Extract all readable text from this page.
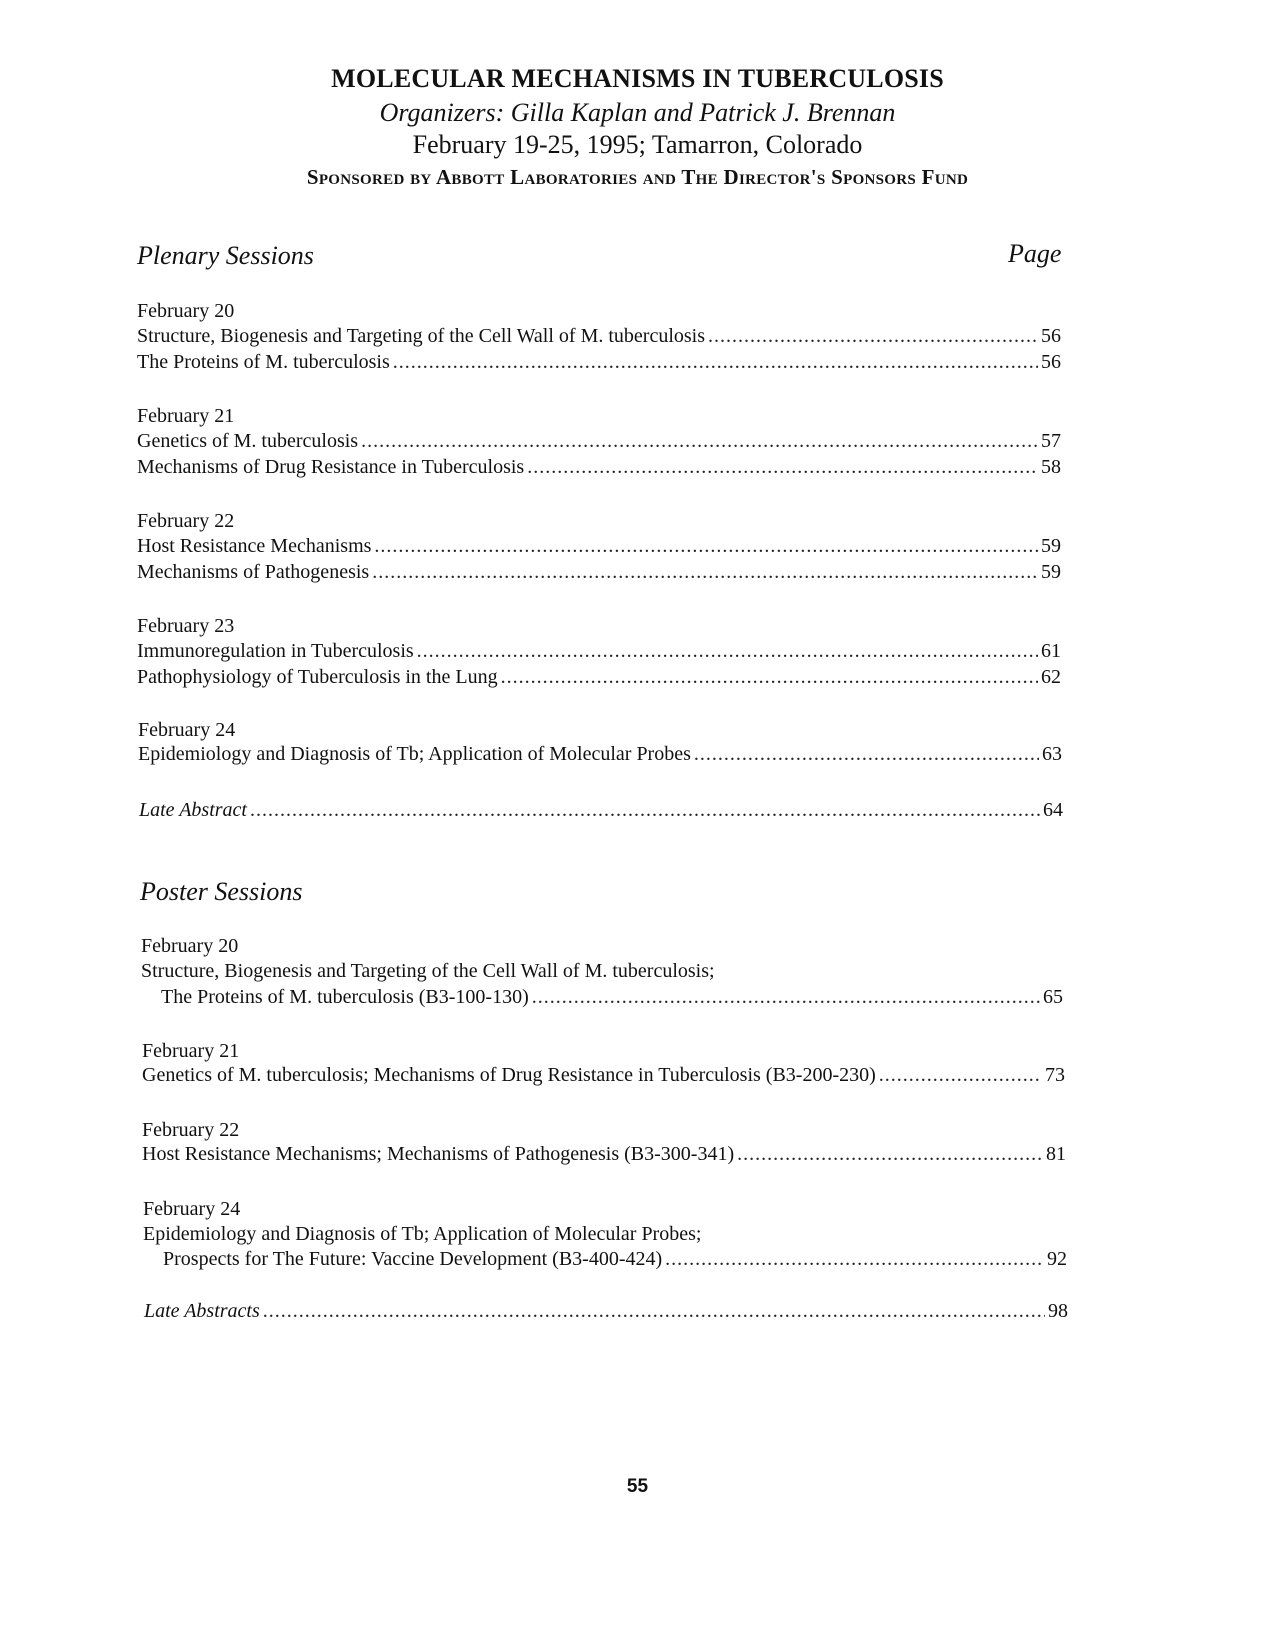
MOLECULAR MECHANISMS IN TUBERCULOSIS
Organizers: Gilla Kaplan and Patrick J. Brennan
February 19-25, 1995; Tamarron, Colorado
Sponsored by Abbott Laboratories and The Director's Sponsors Fund
Plenary Sessions	Page
February 20
Structure, Biogenesis and Targeting of the Cell Wall of M. tuberculosis .....	56
The Proteins of M. tuberculosis .....	56
February 21
Genetics of M. tuberculosis .....	57
Mechanisms of Drug Resistance in Tuberculosis .....	58
February 22
Host Resistance Mechanisms .....	59
Mechanisms of Pathogenesis .....	59
February 23
Immunoregulation in Tuberculosis .....	61
Pathophysiology of Tuberculosis in the Lung .....	62
February 24
Epidemiology and Diagnosis of Tb; Application of Molecular Probes .....	63
Late Abstract .....	64
Poster Sessions
February 20
Structure, Biogenesis and Targeting of the Cell Wall of M. tuberculosis;
The Proteins of M. tuberculosis (B3-100-130) .....	65
February 21
Genetics of M. tuberculosis; Mechanisms of Drug Resistance in Tuberculosis (B3-200-230) .....	73
February 22
Host Resistance Mechanisms; Mechanisms of Pathogenesis (B3-300-341) .....	81
February 24
Epidemiology and Diagnosis of Tb; Application of Molecular Probes;
Prospects for The Future: Vaccine Development (B3-400-424) .....	92
Late Abstracts .....	98
55
